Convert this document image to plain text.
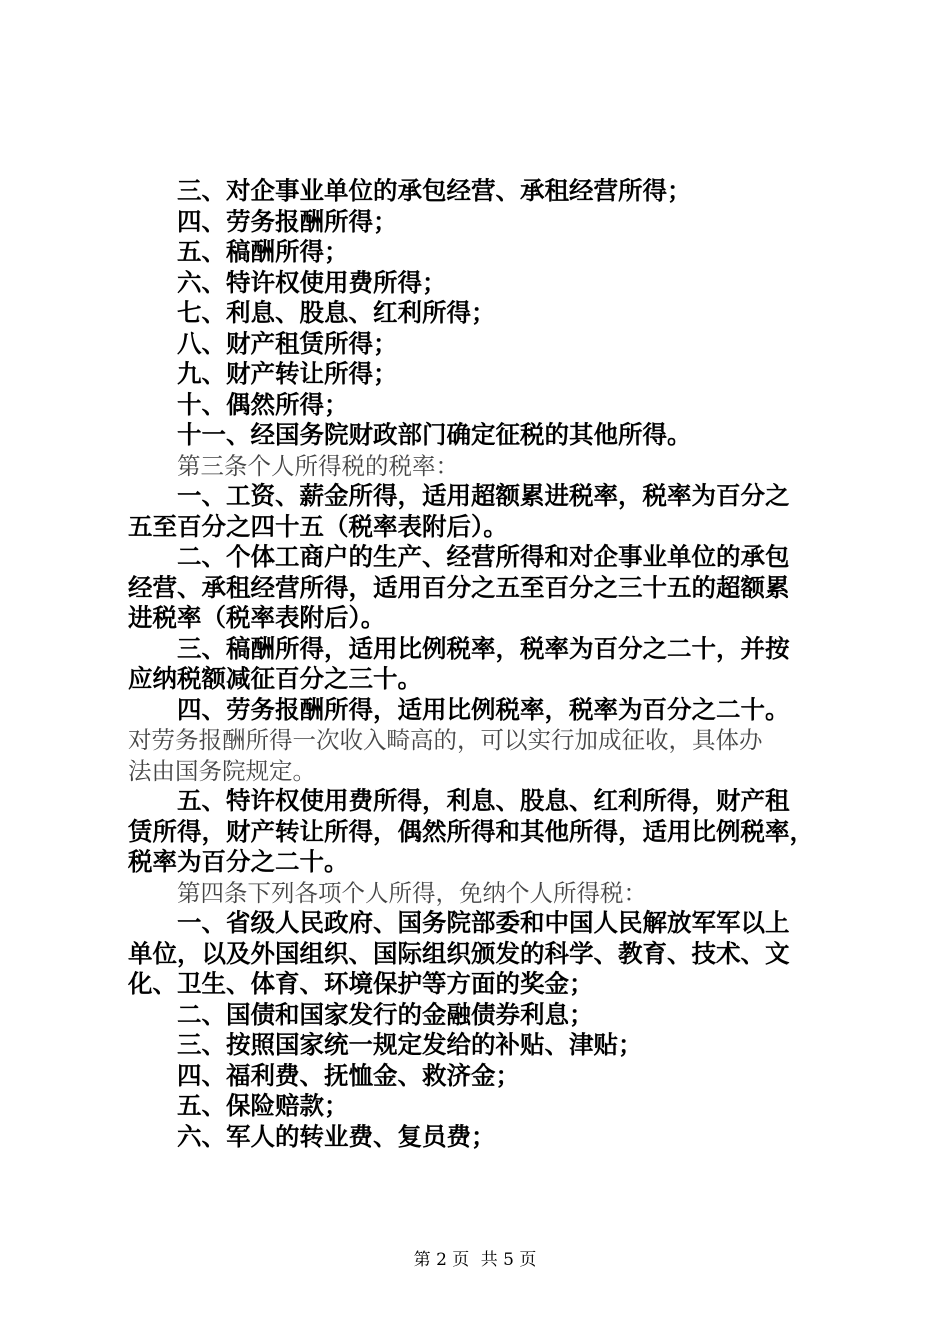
三、对企事业单位的承包经营、承租经营所得；
四、劳务报酬所得；
五、稿酬所得；
六、特许权使用费所得；
七、利息、股息、红利所得；
八、财产租赁所得；
九、财产转让所得；
十、偶然所得；
十一、经国务院财政部门确定征税的其他所得。
第三条个人所得税的税率：
一、工资、薪金所得，适用超额累进税率，税率为百分之
五至百分之四十五（税率表附后）。
二、个体工商户的生产、经营所得和对企事业单位的承包
经营、承租经营所得，适用百分之五至百分之三十五的超额累
进税率（税率表附后）。
三、稿酬所得，适用比例税率，税率为百分之二十，并按
应纳税额减征百分之三十。
四、劳务报酬所得，适用比例税率，税率为百分之二十。
对劳务报酬所得一次收入畸高的，可以实行加成征收，具体办
法由国务院规定。
五、特许权使用费所得，利息、股息、红利所得，财产租
赁所得，财产转让所得，偶然所得和其他所得，适用比例税率，
税率为百分之二十。
第四条下列各项个人所得，免纳个人所得税：
一、省级人民政府、国务院部委和中国人民解放军军以上
单位，以及外国组织、国际组织颁发的科学、教育、技术、文
化、卫生、体育、环境保护等方面的奖金；
二、国债和国家发行的金融债券利息；
三、按照国家统一规定发给的补贴、津贴；
四、福利费、抚恤金、救济金；
五、保险赔款；
六、军人的转业费、复员费；
第 2 页 共 5 页
